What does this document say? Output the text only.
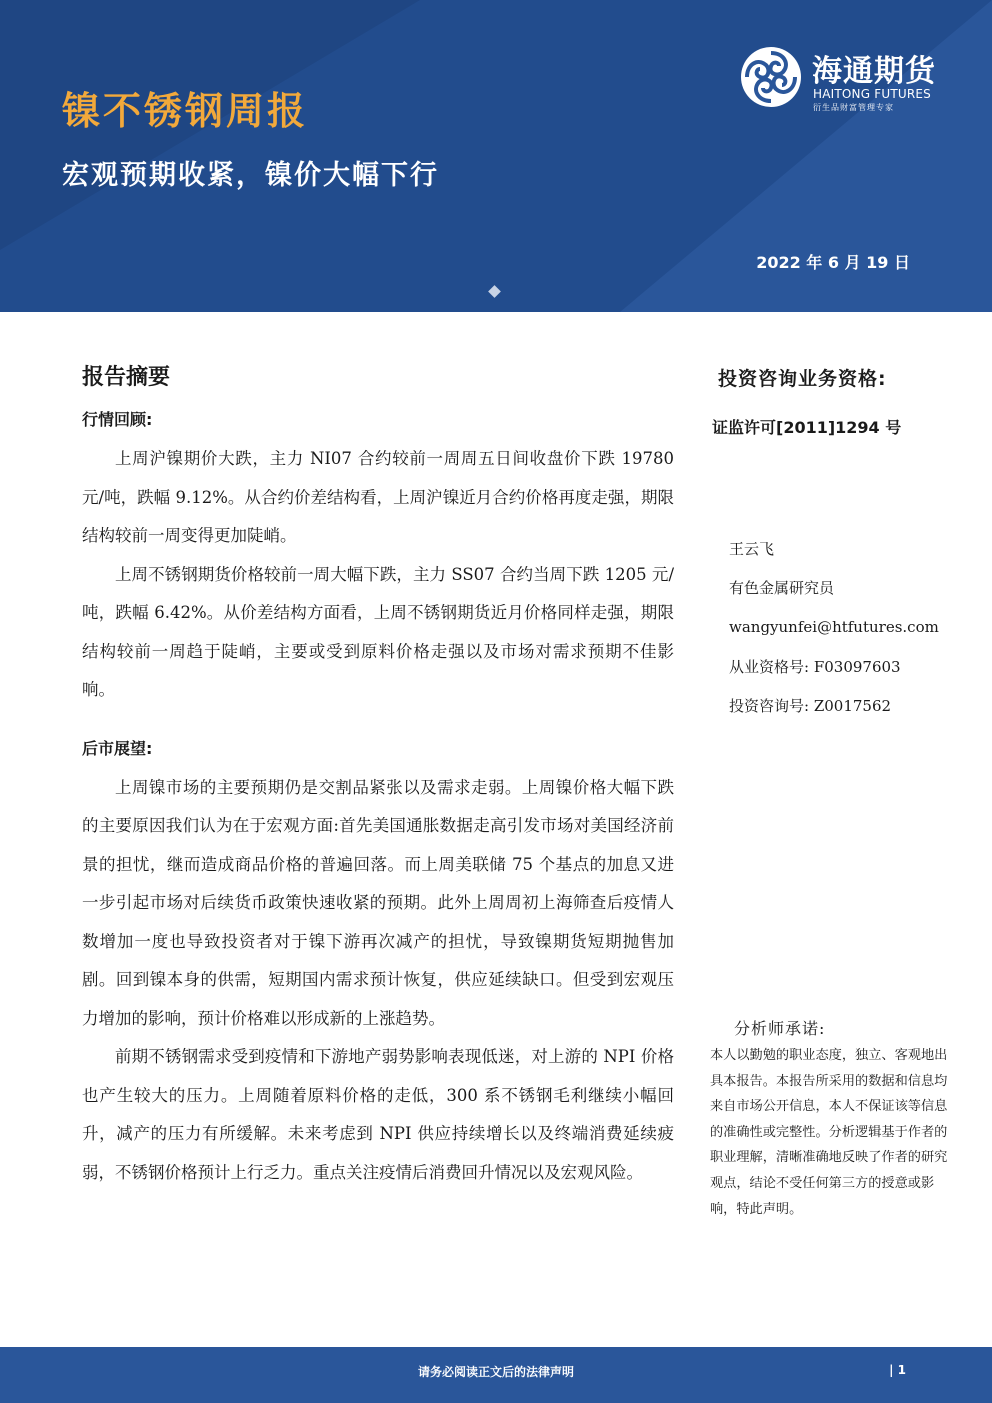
镍不锈钢周报
宏观预期收紧，镍价大幅下行
2022 年 6 月 19 日
海通期货
HAITONG FUTURES
衍生品财富管理专家
报告摘要
行情回顾:

上周沪镍期价大跌，主力 NI07 合约较前一周周五日间收盘价下跌 19780 元/吨，跌幅 9.12%。从合约价差结构看，上周沪镍近月合约价格再度走强，期限结构较前一周变得更加陡峭。

上周不锈钢期货价格较前一周大幅下跌，主力 SS07 合约当周下跌 1205 元/吨，跌幅 6.42%。从价差结构方面看，上周不锈钢期货近月价格同样走强，期限结构较前一周趋于陡峭，主要或受到原料价格走强以及市场对需求预期不佳影响。

后市展望:

上周镍市场的主要预期仍是交割品紧张以及需求走弱。上周镍价格大幅下跌的主要原因我们认为在于宏观方面:首先美国通胀数据走高引发市场对美国经济前景的担忧，继而造成商品价格的普遍回落。而上周美联储 75 个基点的加息又进一步引起市场对后续货币政策快速收紧的预期。此外上周周初上海筛查后疫情人数增加一度也导致投资者对于镍下游再次减产的担忧，导致镍期货短期抛售加剧。回到镍本身的供需，短期国内需求预计恢复，供应延续缺口。但受到宏观压力增加的影响，预计价格难以形成新的上涨趋势。

前期不锈钢需求受到疫情和下游地产弱势影响表现低迷，对上游的 NPI 价格也产生较大的压力。上周随着原料价格的走低，300 系不锈钢毛利继续小幅回升，减产的压力有所缓解。未来考虑到 NPI 供应持续增长以及终端消费延续疲弱，不锈钢价格预计上行乏力。重点关注疫情后消费回升情况以及宏观风险。

投资咨询业务资格:
证监许可[2011]1294 号
王云飞
有色金属研究员
wangyunfei@htfutures.com
从业资格号: F03097603
投资咨询号: Z0017562
分析师承诺:

本人以勤勉的职业态度，独立、客观地出具本报告。本报告所采用的数据和信息均来自市场公开信息，本人不保证该等信息的准确性或完整性。分析逻辑基于作者的职业理解，清晰准确地反映了作者的研究观点，结论不受任何第三方的授意或影响，特此声明。

请务必阅读正文后的法律声明	| 1
